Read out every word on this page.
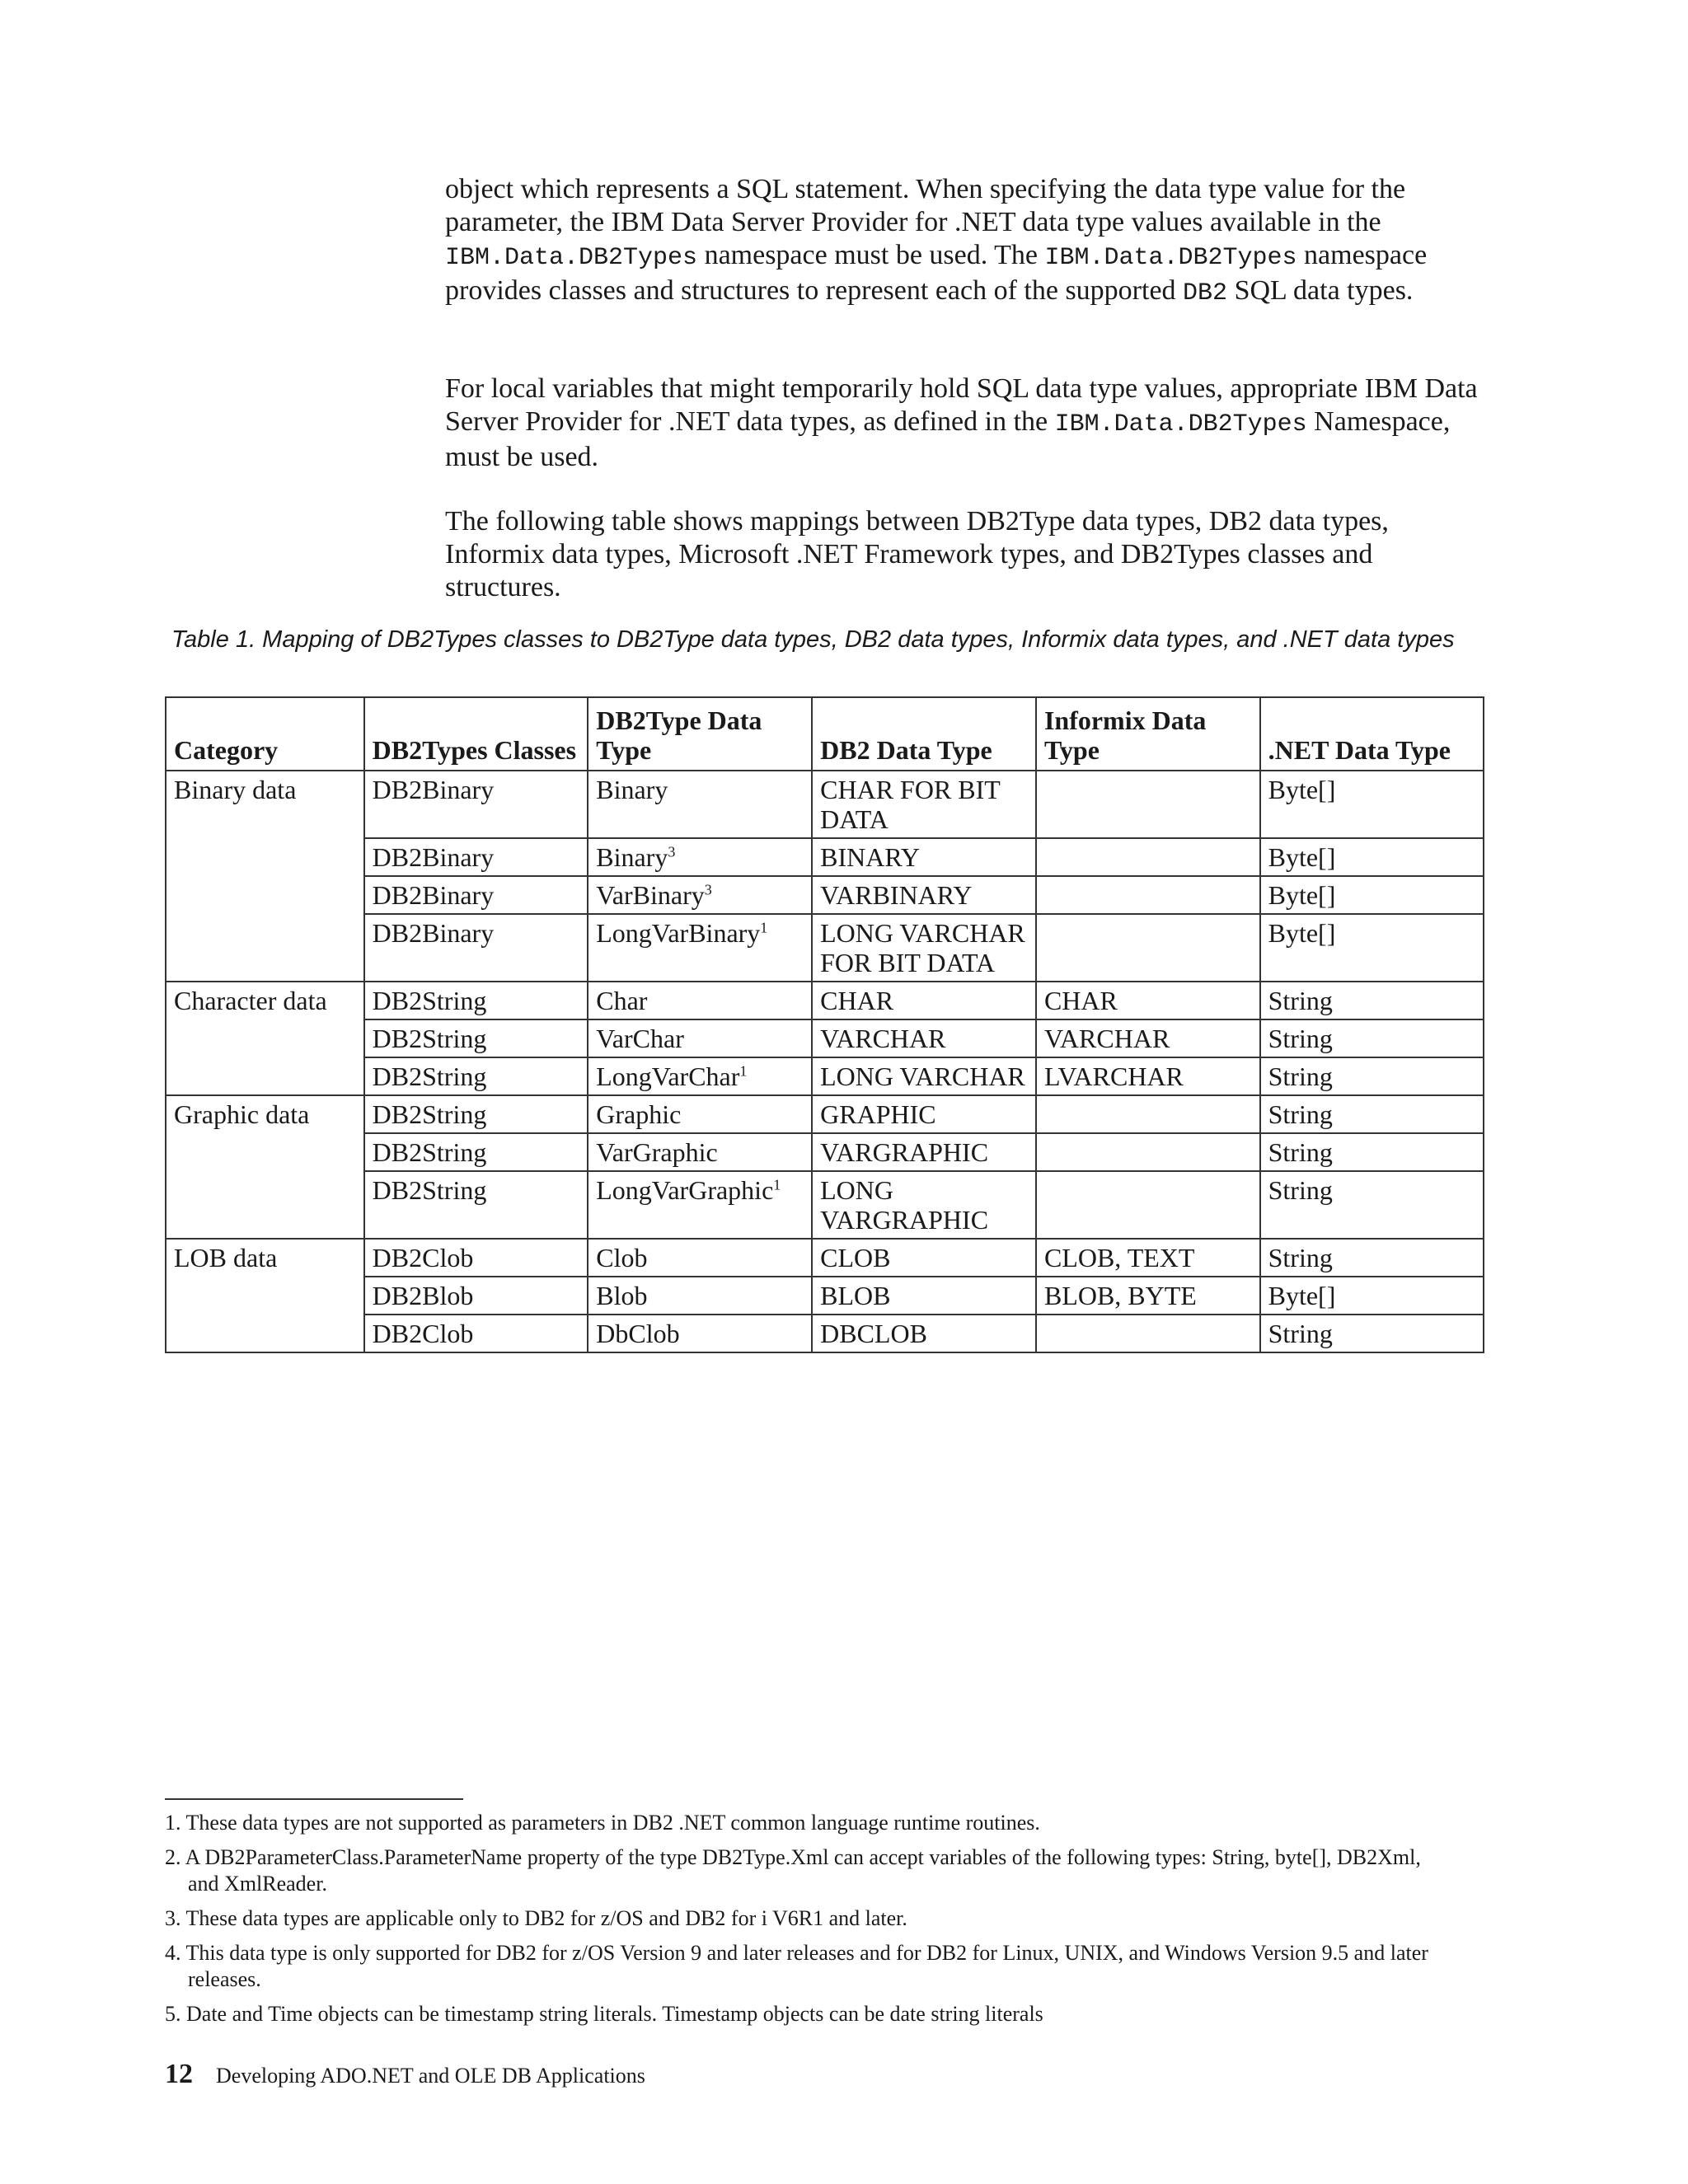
object which represents a SQL statement. When specifying the data type value for the parameter, the IBM Data Server Provider for .NET data type values available in the IBM.Data.DB2Types namespace must be used. The IBM.Data.DB2Types namespace provides classes and structures to represent each of the supported DB2 SQL data types.

For local variables that might temporarily hold SQL data type values, appropriate IBM Data Server Provider for .NET data types, as defined in the IBM.Data.DB2Types Namespace, must be used.

The following table shows mappings between DB2Type data types, DB2 data types, Informix data types, Microsoft .NET Framework types, and DB2Types classes and structures.

Table 1. Mapping of DB2Types classes to DB2Type data types, DB2 data types, Informix data types, and .NET data types
Category	DB2Types Classes	DB2Type Data Type	DB2 Data Type	Informix Data Type	.NET Data Type
Binary data	DB2Binary	Binary	CHAR FOR BIT DATA		Byte[]
	DB2Binary	Binary$^3$	BINARY		Byte[]
	DB2Binary	VarBinary$^3$	VARBINARY		Byte[]
	DB2Binary	LongVarBinary$^1$	LONG VARCHAR FOR BIT DATA		Byte[]
Character data	DB2String	Char	CHAR	CHAR	String
	DB2String	VarChar	VARCHAR	VARCHAR	String
	DB2String	LongVarChar$^1$	LONG VARCHAR	LVARCHAR	String
Graphic data	DB2String	Graphic	GRAPHIC		String
	DB2String	VarGraphic	VARGRAPHIC		String
	DB2String	LongVarGraphic$^1$	LONG VARGRAPHIC		String
LOB data	DB2Clob	Clob	CLOB	CLOB, TEXT	String
	DB2Blob	Blob	BLOB	BLOB, BYTE	Byte[]
	DB2Clob	DbClob	DBCLOB		String

1. These data types are not supported as parameters in DB2 .NET common language runtime routines.

2. A DB2ParameterClass.ParameterName property of the type DB2Type.Xml can accept variables of the following types: String, byte[], DB2Xml, and XmlReader.

3. These data types are applicable only to DB2 for z/OS and DB2 for i V6R1 and later.

4. This data type is only supported for DB2 for z/OS Version 9 and later releases and for DB2 for Linux, UNIX, and Windows Version 9.5 and later releases.

5. Date and Time objects can be timestamp string literals. Timestamp objects can be date string literals

12 Developing ADO.NET and OLE DB Applications
